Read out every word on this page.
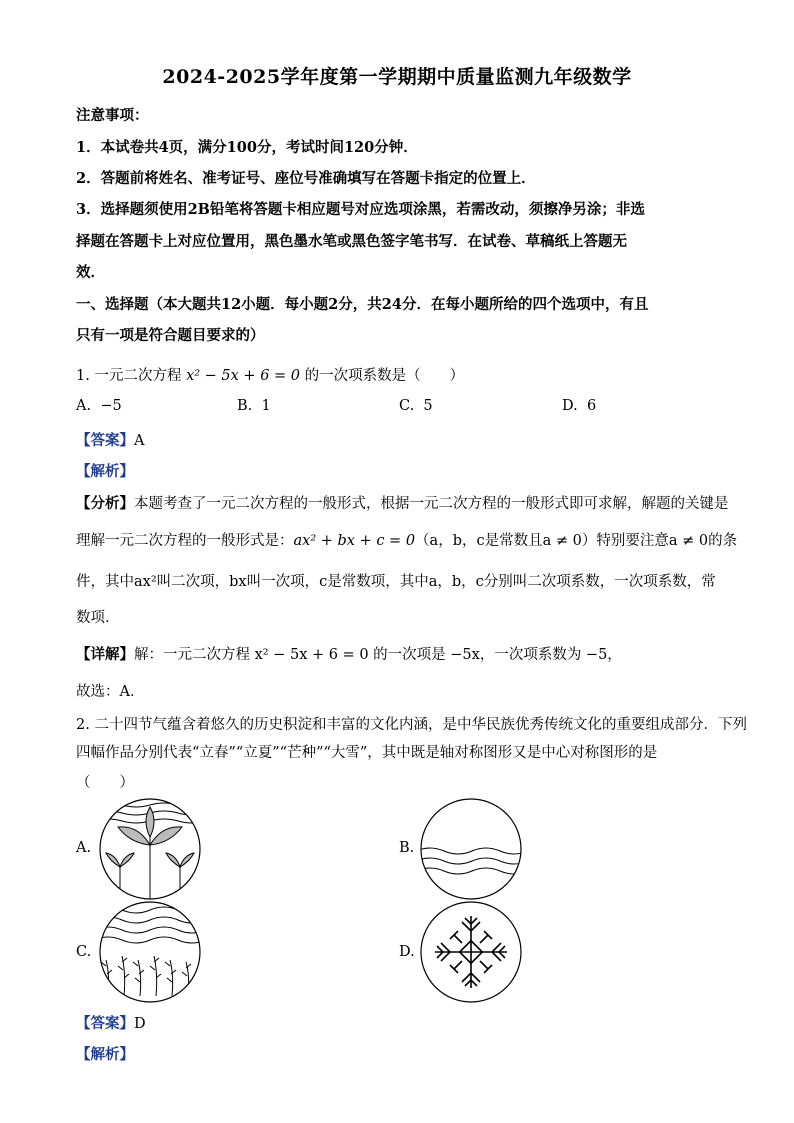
2024-2025学年度第一学期期中质量监测九年级数学
注意事项：
1．本试卷共4页，满分100分，考试时间120分钟．
2．答题前将姓名、准考证号、座位号准确填写在答题卡指定的位置上．
3．选择题须使用2B铅笔将答题卡相应题号对应选项涂黑，若需改动，须擦净另涂；非选
择题在答题卡上对应位置用，黑色墨水笔或黑色签字笔书写．在试卷、草稿纸上答题无
效．
一、选择题（本大题共12小题．每小题2分，共24分．在每小题所给的四个选项中，有且
只有一项是符合题目要求的）
1. 一元二次方程 x² − 5x + 6 = 0 的一次项系数是（　　）
A. −5	B. 1	C. 5	D. 6
【答案】A
【解析】
【分析】本题考查了一元二次方程的一般形式，根据一元二次方程的一般形式即可求解，解题的关键是
理解一元二次方程的一般形式是：ax² + bx + c = 0（a，b，c是常数且a ≠ 0）特别要注意a ≠ 0的条
件，其中ax²叫二次项，bx叫一次项，c是常数项，其中a，b，c分别叫二次项系数，一次项系数，常
数项．
【详解】解：一元二次方程 x² − 5x + 6 = 0 的一次项是 −5x，一次项系数为 −5，
故选：A．
2. 二十四节气蕴含着悠久的历史积淀和丰富的文化内涵，是中华民族优秀传统文化的重要组成部分．下列
四幅作品分别代表“立春”“立夏”“芒种”“大雪”，其中既是轴对称图形又是中心对称图形的是
（　　）
A.	B.
C.	D.
【答案】D
【解析】
